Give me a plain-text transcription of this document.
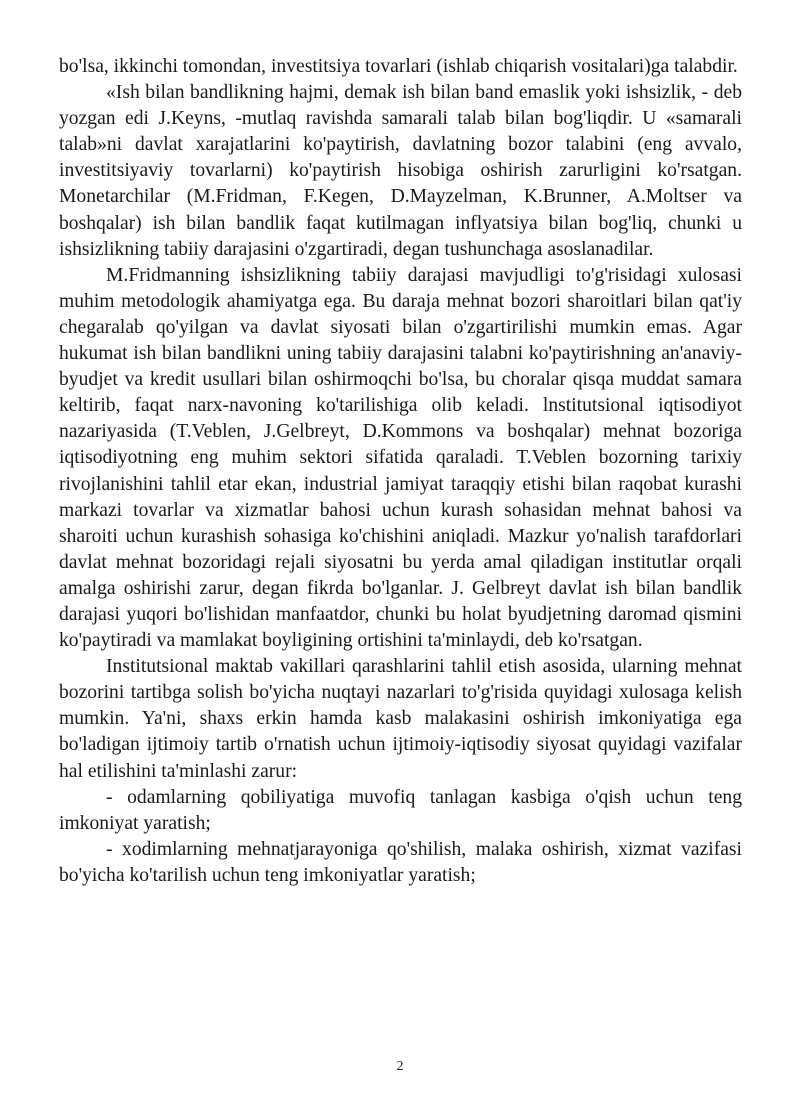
bo'lsa, ikkinchi tomondan, investitsiya tovarlari (ishlab chiqarish vositalari)ga talabdir.

«Ish bilan bandlikning hajmi, demak ish bilan band emaslik yoki ishsizlik, - deb yozgan edi J.Keyns, -mutlaq ravishda samarali talab bilan bog'liqdir. U «samarali talab»ni davlat xarajatlarini ko'paytirish, davlatning bozor talabini (eng avvalo, investitsiyaviy tovarlarni) ko'paytirish hisobiga oshirish zarurligini ko'rsatgan. Monetarchilar (M.Fridman, F.Kegen, D.Mayzelman, K.Brunner, A.Moltser va boshqalar) ish bilan bandlik faqat kutilmagan inflyatsiya bilan bog'liq, chunki u ishsizlikning tabiiy darajasini o'zgartiradi, degan tushunchaga asoslanadilar.

M.Fridmanning ishsizlikning tabiiy darajasi mavjudligi to'g'risidagi xulosasi muhim metodologik ahamiyatga ega. Bu daraja mehnat bozori sharoitlari bilan qat'iy chegaralab qo'yilgan va davlat siyosati bilan o'zgartirilishi mumkin emas. Agar hukumat ish bilan bandlikni uning tabiiy darajasini talabni ko'paytirishning an'anaviy- byudjet va kredit usullari bilan oshirmoqchi bo'lsa, bu choralar qisqa muddat samara keltirib, faqat narx-navoning ko'tarilishiga olib keladi. lnstitutsional iqtisodiyot nazariyasida (T.Veblen, J.Gelbreyt, D.Kommons va boshqalar) mehnat bozoriga iqtisodiyotning eng muhim sektori sifatida qaraladi. T.Veblen bozorning tarixiy rivojlanishini tahlil etar ekan, industrial jamiyat taraqqiy etishi bilan raqobat kurashi markazi tovarlar va xizmatlar bahosi uchun kurash sohasidan mehnat bahosi va sharoiti uchun kurashish sohasiga ko'chishini aniqladi. Mazkur yo'nalish tarafdorlari davlat mehnat bozoridagi rejali siyosatni bu yerda amal qiladigan institutlar orqali amalga oshirishi zarur, degan fikrda bo'lganlar. J. Gelbreyt davlat ish bilan bandlik darajasi yuqori bo'lishidan manfaatdor, chunki bu holat byudjetning daromad qismini ko'paytiradi va mamlakat boyligining ortishini ta'minlaydi, deb ko'rsatgan.

Institutsional maktab vakillari qarashlarini tahlil etish asosida, ularning mehnat bozorini tartibga solish bo'yicha nuqtayi nazarlari to'g'risida quyidagi xulosaga kelish mumkin. Ya'ni, shaxs erkin hamda kasb malakasini oshirish imkoniyatiga ega bo'ladigan ijtimoiy tartib o'rnatish uchun ijtimoiy-iqtisodiy siyosat quyidagi vazifalar hal etilishini ta'minlashi zarur:

- odamlarning qobiliyatiga muvofiq tanlagan kasbiga o'qish uchun teng imkoniyat yaratish;

- xodimlarning mehnatjarayoniga qo'shilish, malaka oshirish, xizmat vazifasi bo'yicha ko'tarilish uchun teng imkoniyatlar yaratish;

2
